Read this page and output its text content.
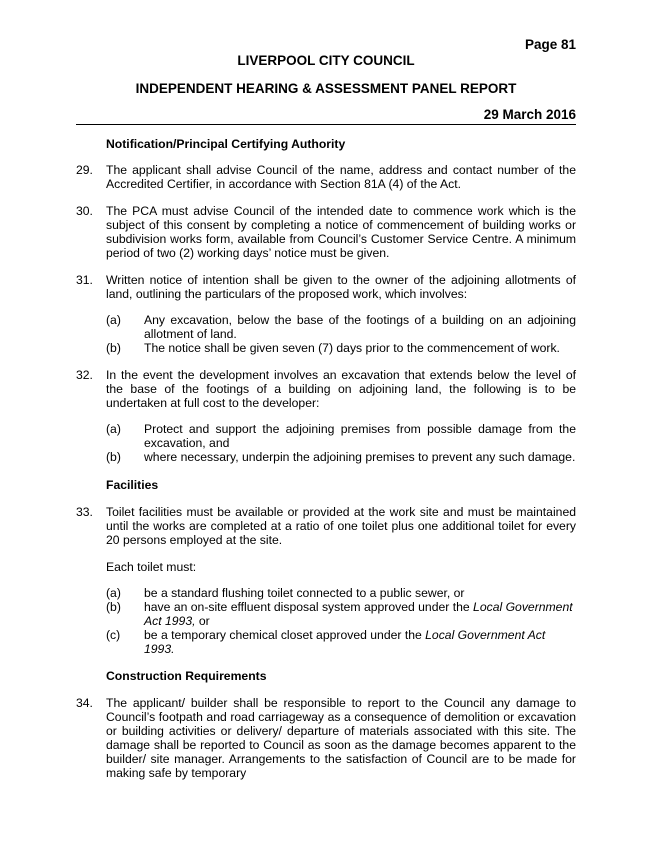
Page 81
LIVERPOOL CITY COUNCIL
INDEPENDENT HEARING & ASSESSMENT PANEL REPORT
29 March 2016
Notification/Principal Certifying Authority
29.	The applicant shall advise Council of the name, address and contact number of the Accredited Certifier, in accordance with Section 81A (4) of the Act.
30.	The PCA must advise Council of the intended date to commence work which is the subject of this consent by completing a notice of commencement of building works or subdivision works form, available from Council’s Customer Service Centre. A minimum period of two (2) working days’ notice must be given.
31.	Written notice of intention shall be given to the owner of the adjoining allotments of land, outlining the particulars of the proposed work, which involves:
(a)	Any excavation, below the base of the footings of a building on an adjoining allotment of land.
(b)	The notice shall be given seven (7) days prior to the commencement of work.
32.	In the event the development involves an excavation that extends below the level of the base of the footings of a building on adjoining land, the following is to be undertaken at full cost to the developer:
(a)	Protect and support the adjoining premises from possible damage from the excavation, and
(b)	where necessary, underpin the adjoining premises to prevent any such damage.
Facilities
33.	Toilet facilities must be available or provided at the work site and must be maintained until the works are completed at a ratio of one toilet plus one additional toilet for every 20 persons employed at the site.
Each toilet must:
(a)	be a standard flushing toilet connected to a public sewer, or
(b)	have an on-site effluent disposal system approved under the Local Government Act 1993, or
(c)	be a temporary chemical closet approved under the Local Government Act 1993.
Construction Requirements
34.	The applicant/ builder shall be responsible to report to the Council any damage to Council’s footpath and road carriageway as a consequence of demolition or excavation or building activities or delivery/ departure of materials associated with this site. The damage shall be reported to Council as soon as the damage becomes apparent to the builder/ site manager. Arrangements to the satisfaction of Council are to be made for making safe by temporary
